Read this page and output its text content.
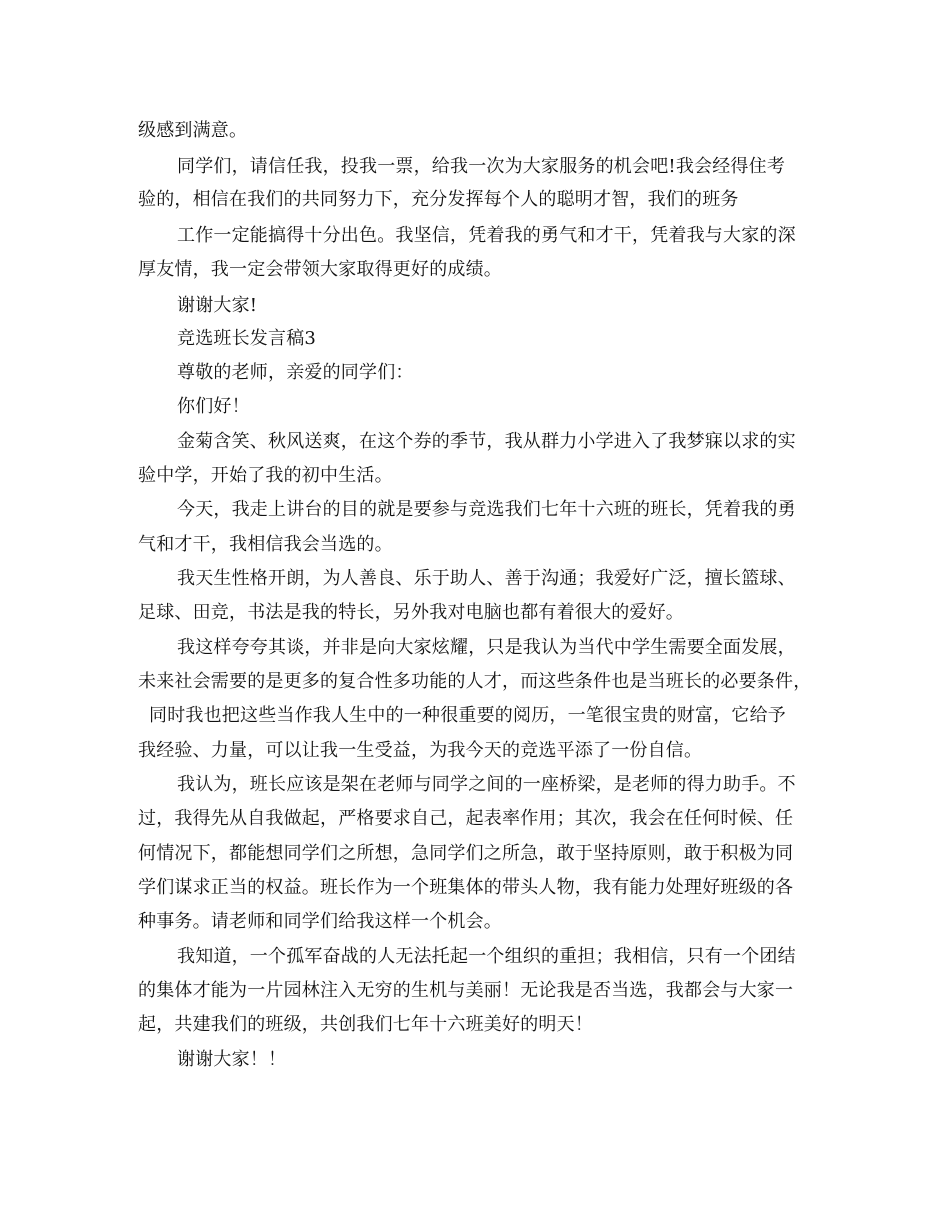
级感到满意。
同学们，请信任我，投我一票，给我一次为大家服务的机会吧!我会经得住考
验的，相信在我们的共同努力下，充分发挥每个人的聪明才智，我们的班务
工作一定能搞得十分出色。我坚信，凭着我的勇气和才干，凭着我与大家的深
厚友情，我一定会带领大家取得更好的成绩。
谢谢大家!
竞选班长发言稿3
尊敬的老师，亲爱的同学们：
你们好！
金菊含笑、秋风送爽，在这个券的季节，我从群力小学进入了我梦寐以求的实
验中学，开始了我的初中生活。
今天，我走上讲台的目的就是要参与竞选我们七年十六班的班长，凭着我的勇
气和才干，我相信我会当选的。
我天生性格开朗，为人善良、乐于助人、善于沟通；我爱好广泛，擅长篮球、
足球、田竞，书法是我的特长，另外我对电脑也都有着很大的爱好。
我这样夸夸其谈，并非是向大家炫耀，只是我认为当代中学生需要全面发展，
未来社会需要的是更多的复合性多功能的人才，而这些条件也是当班长的必要条件，
同时我也把这些当作我人生中的一种很重要的阅历，一笔很宝贵的财富，它给予
我经验、力量，可以让我一生受益，为我今天的竞选平添了一份自信。
我认为，班长应该是架在老师与同学之间的一座桥梁，是老师的得力助手。不
过，我得先从自我做起，严格要求自己，起表率作用；其次，我会在任何时候、任
何情况下，都能想同学们之所想，急同学们之所急，敢于坚持原则，敢于积极为同
学们谋求正当的权益。班长作为一个班集体的带头人物，我有能力处理好班级的各
种事务。请老师和同学们给我这样一个机会。
我知道，一个孤军奋战的人无法托起一个组织的重担；我相信，只有一个团结
的集体才能为一片园林注入无穷的生机与美丽！无论我是否当选，我都会与大家一
起，共建我们的班级，共创我们七年十六班美好的明天！
谢谢大家！！
